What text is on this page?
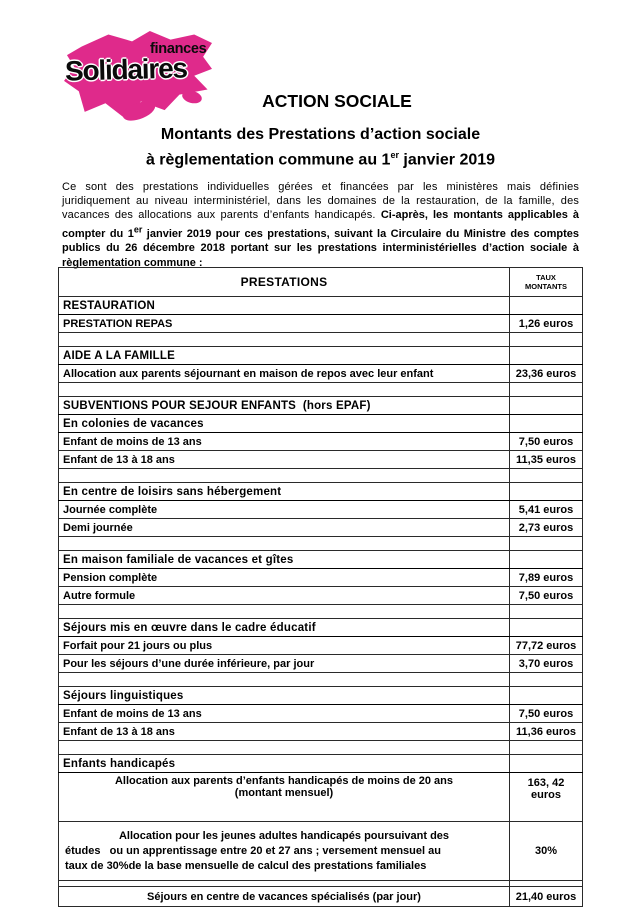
finances
Solidaires
ACTION SOCIALE
Montants des Prestations d’action sociale
à règlementation commune au 1er janvier 2019
Ce sont des prestations individuelles gérées et financées par les ministères mais définies juridiquement au niveau interministériel, dans les domaines de la restauration, de la famille, des vacances des allocations aux parents d’enfants handicapés. Ci-après, les montants applicables à compter du 1er janvier 2019 pour ces prestations, suivant la Circulaire du Ministre des comptes publics du 26 décembre 2018 portant sur les prestations interministérielles d’action sociale à règlementation commune :
PRESTATIONS	TAUX
MONTANTS

RESTAURATION	
PRESTATION REPAS	1,26 euros

AIDE A LA FAMILLE	
Allocation aux parents séjournant en maison de repos avec leur enfant	23,36 euros

SUBVENTIONS POUR SEJOUR ENFANTS  (hors EPAF)	
En colonies de vacances	
Enfant de moins de 13 ans	7,50 euros
Enfant de 13 à 18 ans	11,35 euros

En centre de loisirs sans hébergement	
Journée complète	5,41 euros
Demi journée	2,73 euros

En maison familiale de vacances et gîtes	
Pension complète	7,89 euros
Autre formule	7,50 euros

Séjours mis en œuvre dans le cadre éducatif	
Forfait pour 21 jours ou plus	77,72 euros
Pour les séjours d’une durée inférieure, par jour	3,70 euros

Séjours linguistiques	
Enfant de moins de 13 ans	7,50 euros
Enfant de 13 à 18 ans	11,36 euros

Enfants handicapés	

Allocation aux parents d’enfants handicapés de moins de 20 ans
(montant mensuel)	163, 42 euros

Allocation pour les jeunes adultes handicapés poursuivant des
études   ou un apprentissage entre 20 et 27 ans ; versement mensuel au
taux de 30%de la base mensuelle de calcul des prestations familiales	30%

Séjours en centre de vacances spécialisés (par jour)	21,40 euros
